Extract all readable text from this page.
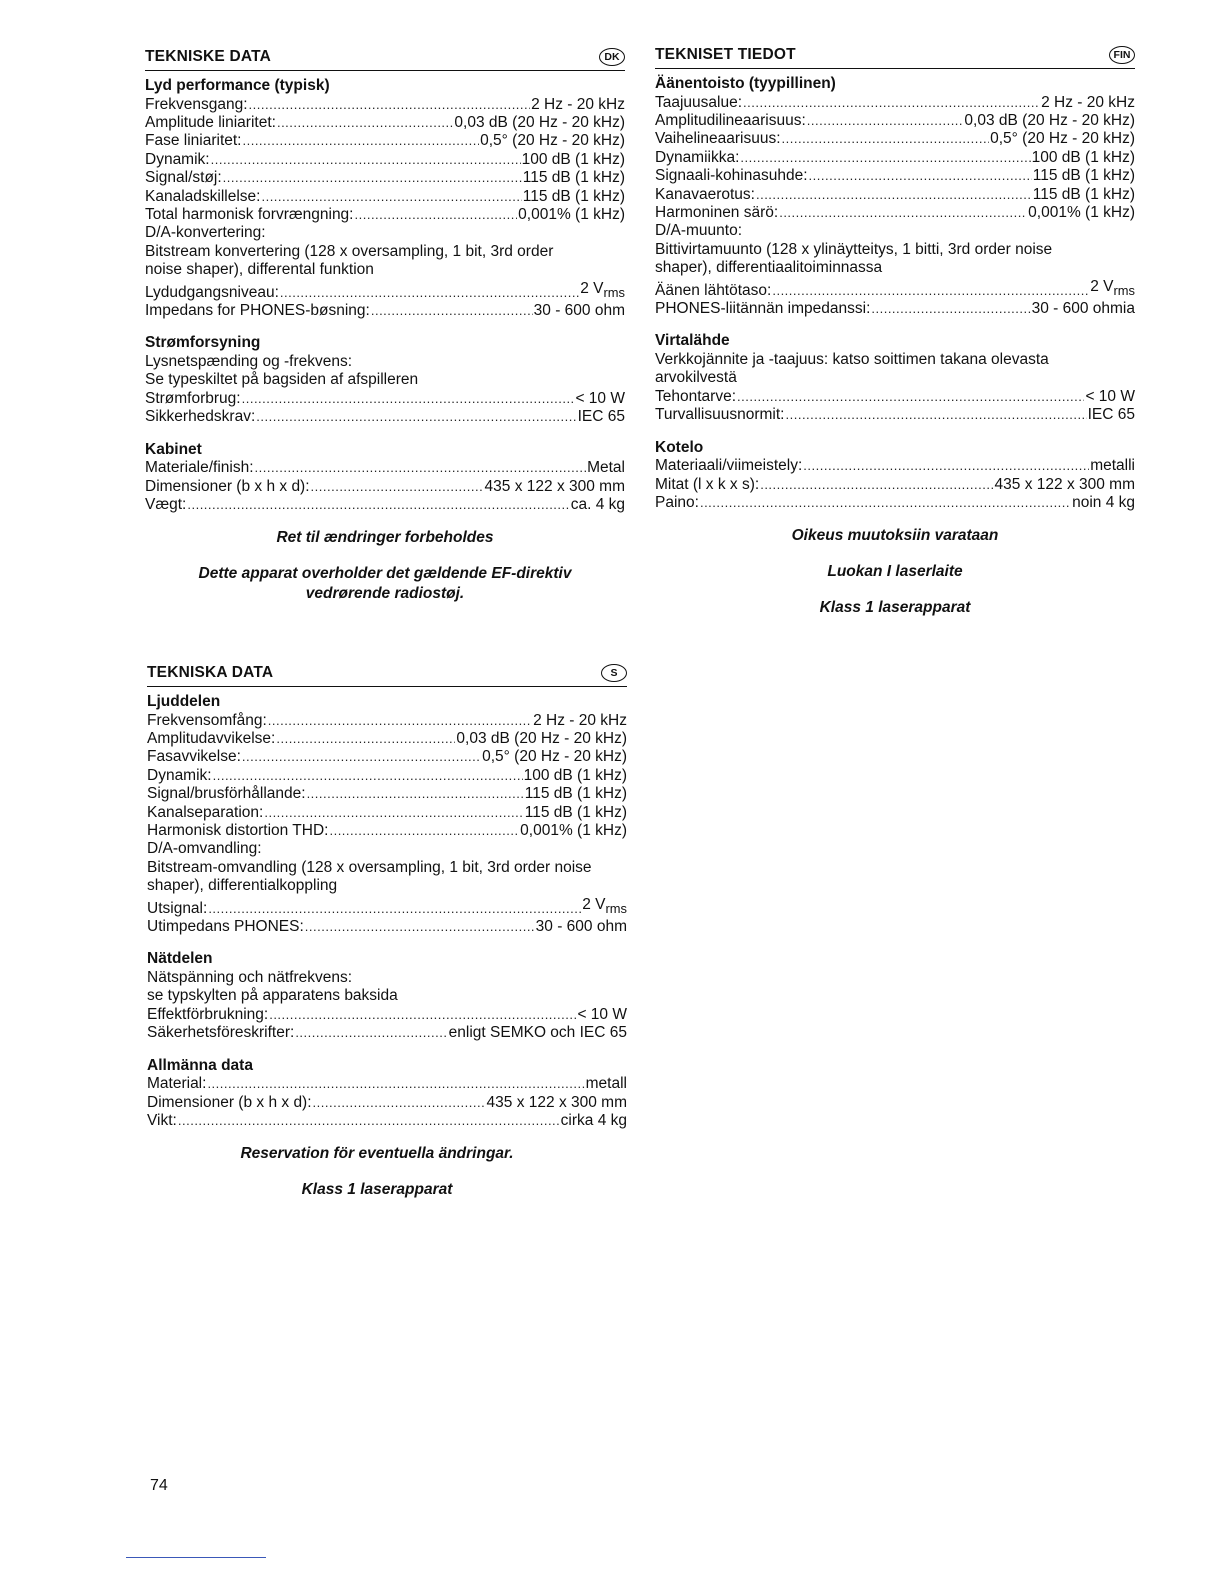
TEKNISKE DATA	DK
Lyd performance (typisk)
Frekvensgang: .....	2 Hz - 20 kHz
Amplitude liniaritet: .....	0,03 dB (20 Hz - 20 kHz)
Fase liniaritet: .....	0,5° (20 Hz - 20 kHz)
Dynamik: .....	100 dB (1 kHz)
Signal/støj: .....	115 dB (1 kHz)
Kanaladskillelse: .....	115 dB (1 kHz)
Total harmonisk forvrængning: .....	0,001% (1 kHz)
D/A-konvertering:
Bitstream konvertering (128 x oversampling, 1 bit, 3rd order
noise shaper), differental funktion
Lydudgangsniveau: .....	2 $V_{rms}$
Impedans for PHONES-bøsning: .....	30 - 600 ohm
Strømforsyning
Lysnetspænding og -frekvens:
Se typeskiltet på bagsiden af afspilleren
Strømforbrug: .....	< 10 W
Sikkerhedskrav: .....	IEC 65
Kabinet
Materiale/finish: .....	Metal
Dimensioner (b x h x d): .....	435 x 122 x 300 mm
Vægt: .....	ca. 4 kg
Ret til ændringer forbeholdes
Dette apparat overholder det gældende EF-direktiv
vedrørende radiostøj.
TEKNISET TIEDOT	FIN
Äänentoisto (tyypillinen)
Taajuusalue: .....	2 Hz - 20 kHz
Amplitudilineaarisuus: .....	0,03 dB (20 Hz - 20 kHz)
Vaihelineaarisuus: .....	0,5° (20 Hz - 20 kHz)
Dynamiikka: .....	100 dB (1 kHz)
Signaali-kohinasuhde: .....	115 dB (1 kHz)
Kanavaerotus: .....	115 dB (1 kHz)
Harmoninen särö: .....	0,001% (1 kHz)
D/A-muunto:
Bittivirtamuunto (128 x ylinäytteitys, 1 bitti, 3rd order noise
shaper), differentiaalitoiminnassa
Äänen lähtötaso: .....	2 $V_{rms}$
PHONES-liitännän impedanssi: .....	30 - 600 ohmia
Virtalähde
Verkkojännite ja -taajuus: katso soittimen takana olevasta
arvokilvestä
Tehontarve: .....	< 10 W
Turvallisuusnormit: .....	IEC 65
Kotelo
Materiaali/viimeistely: .....	metalli
Mitat (l x k x s): .....	435 x 122 x 300 mm
Paino: .....	noin 4 kg
Oikeus muutoksiin varataan
Luokan I laserlaite
Klass 1 laserapparat
TEKNISKA DATA	S
Ljuddelen
Frekvensomfång: .....	2 Hz - 20 kHz
Amplitudavvikelse: .....	0,03 dB (20 Hz - 20 kHz)
Fasavvikelse: .....	0,5° (20 Hz - 20 kHz)
Dynamik: .....	100 dB (1 kHz)
Signal/brusförhållande: .....	115 dB (1 kHz)
Kanalseparation: .....	115 dB (1 kHz)
Harmonisk distortion THD: .....	0,001% (1 kHz)
D/A-omvandling:
Bitstream-omvandling (128 x oversampling, 1 bit, 3rd order noise
shaper), differentialkoppling
Utsignal: .....	2 $V_{rms}$
Utimpedans PHONES: .....	30 - 600 ohm
Nätdelen
Nätspänning och nätfrekvens:
se typskylten på apparatens baksida
Effektförbrukning: .....	< 10 W
Säkerhetsföreskrifter: .....	enligt SEMKO och IEC 65
Allmänna data
Material: .....	metall
Dimensioner (b x h x d): .....	435 x 122 x 300 mm
Vikt: .....	cirka 4 kg
Reservation för eventuella ändringar.
Klass 1 laserapparat
74
